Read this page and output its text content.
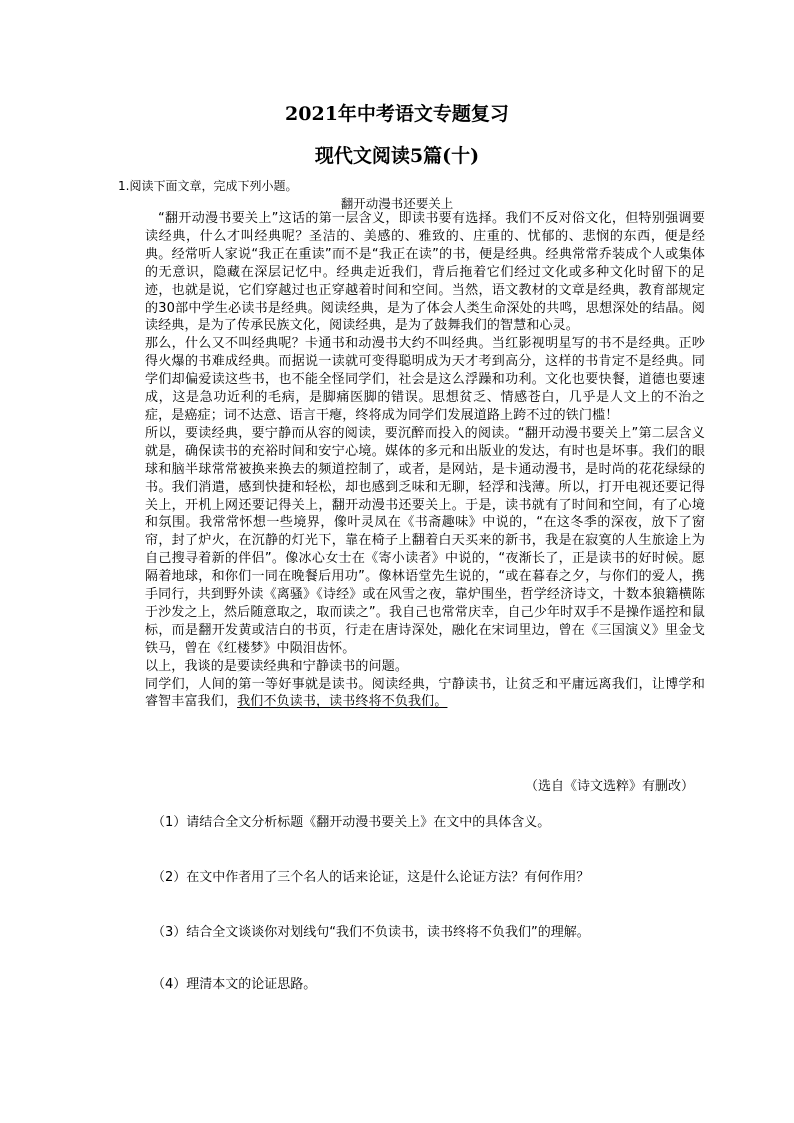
2021年中考语文专题复习
现代文阅读5篇(十)
1.阅读下面文章，完成下列小题。
翻开动漫书还要关上

“翻开动漫书要关上”这话的第一层含义，即读书要有选择。我们不反对俗文化，但特别强调要读经典，什么才叫经典呢？圣洁的、美感的、雅致的、庄重的、忧郁的、悲悯的东西，便是经典。经常听人家说“我正在重读”而不是“我正在读”的书，便是经典。经典常常乔装成个人或集体的无意识，隐藏在深层记忆中。经典走近我们，背后拖着它们经过文化或多种文化时留下的足迹，也就是说，它们穿越过也正穿越着时间和空间。当然，语文教材的文章是经典，教育部规定的30部中学生必读书是经典。阅读经典，是为了体会人类生命深处的共鸣，思想深处的结晶。阅读经典，是为了传承民族文化，阅读经典，是为了鼓舞我们的智慧和心灵。

那么，什么又不叫经典呢？卡通书和动漫书大约不叫经典。当红影视明星写的书不是经典。正吵得火爆的书难成经典。而据说一读就可变得聪明成为天才考到高分，这样的书肯定不是经典。同学们却偏爱读这些书，也不能全怪同学们，社会是这么浮躁和功利。文化也要快餐，道德也要速成，这是急功近利的毛病，是脚痛医脚的错误。思想贫乏、情感苍白，几乎是人文上的不治之症，是癌症；词不达意、语言干瘪，终将成为同学们发展道路上跨不过的铁门槛！

所以，要读经典，要宁静而从容的阅读，要沉醉而投入的阅读。“翻开动漫书要关上”第二层含义就是，确保读书的充裕时间和安宁心境。媒体的多元和出版业的发达，有时也是坏事。我们的眼球和脑半球常常被换来换去的频道控制了，或者，是网站，是卡通动漫书，是时尚的花花绿绿的书。我们消遣，感到快捷和轻松，却也感到乏味和无聊，轻浮和浅薄。所以，打开电视还要记得关上，开机上网还要记得关上，翻开动漫书还要关上。于是，读书就有了时间和空间，有了心境和氛围。我常常怀想一些境界，像叶灵凤在《书斋趣味》中说的，“在这冬季的深夜，放下了窗帘，封了炉火，在沉静的灯光下，靠在椅子上翻着白天买来的新书，我是在寂寞的人生旅途上为自己搜寻着新的伴侣”。像冰心女士在《寄小读者》中说的，“夜渐长了，正是读书的好时候。愿隔着地球，和你们一同在晚餐后用功”。像林语堂先生说的，“或在暮春之夕，与你们的爱人，携手同行，共到野外读《离骚》《诗经》或在风雪之夜，靠炉围坐，哲学经济诗文，十数本狼籍横陈于沙发之上，然后随意取之，取而读之”。我自己也常常庆幸，自己少年时双手不是操作遥控和鼠标，而是翻开发黄或洁白的书页，行走在唐诗深处，融化在宋词里边，曾在《三国演义》里金戈铁马，曾在《红楼梦》中陨泪齿怀。

以上，我谈的是要读经典和宁静读书的问题。

同学们，人间的第一等好事就是读书。阅读经典，宁静读书，让贫乏和平庸远离我们，让博学和睿智丰富我们，我们不负读书，读书终将不负我们。

（选自《诗文选粹》有删改）
（1）请结合全文分析标题《翻开动漫书要关上》在文中的具体含义。
（2）在文中作者用了三个名人的话来论证，这是什么论证方法？有何作用？
（3）结合全文谈谈你对划线句“我们不负读书，读书终将不负我们”的理解。
（4）理清本文的论证思路。
